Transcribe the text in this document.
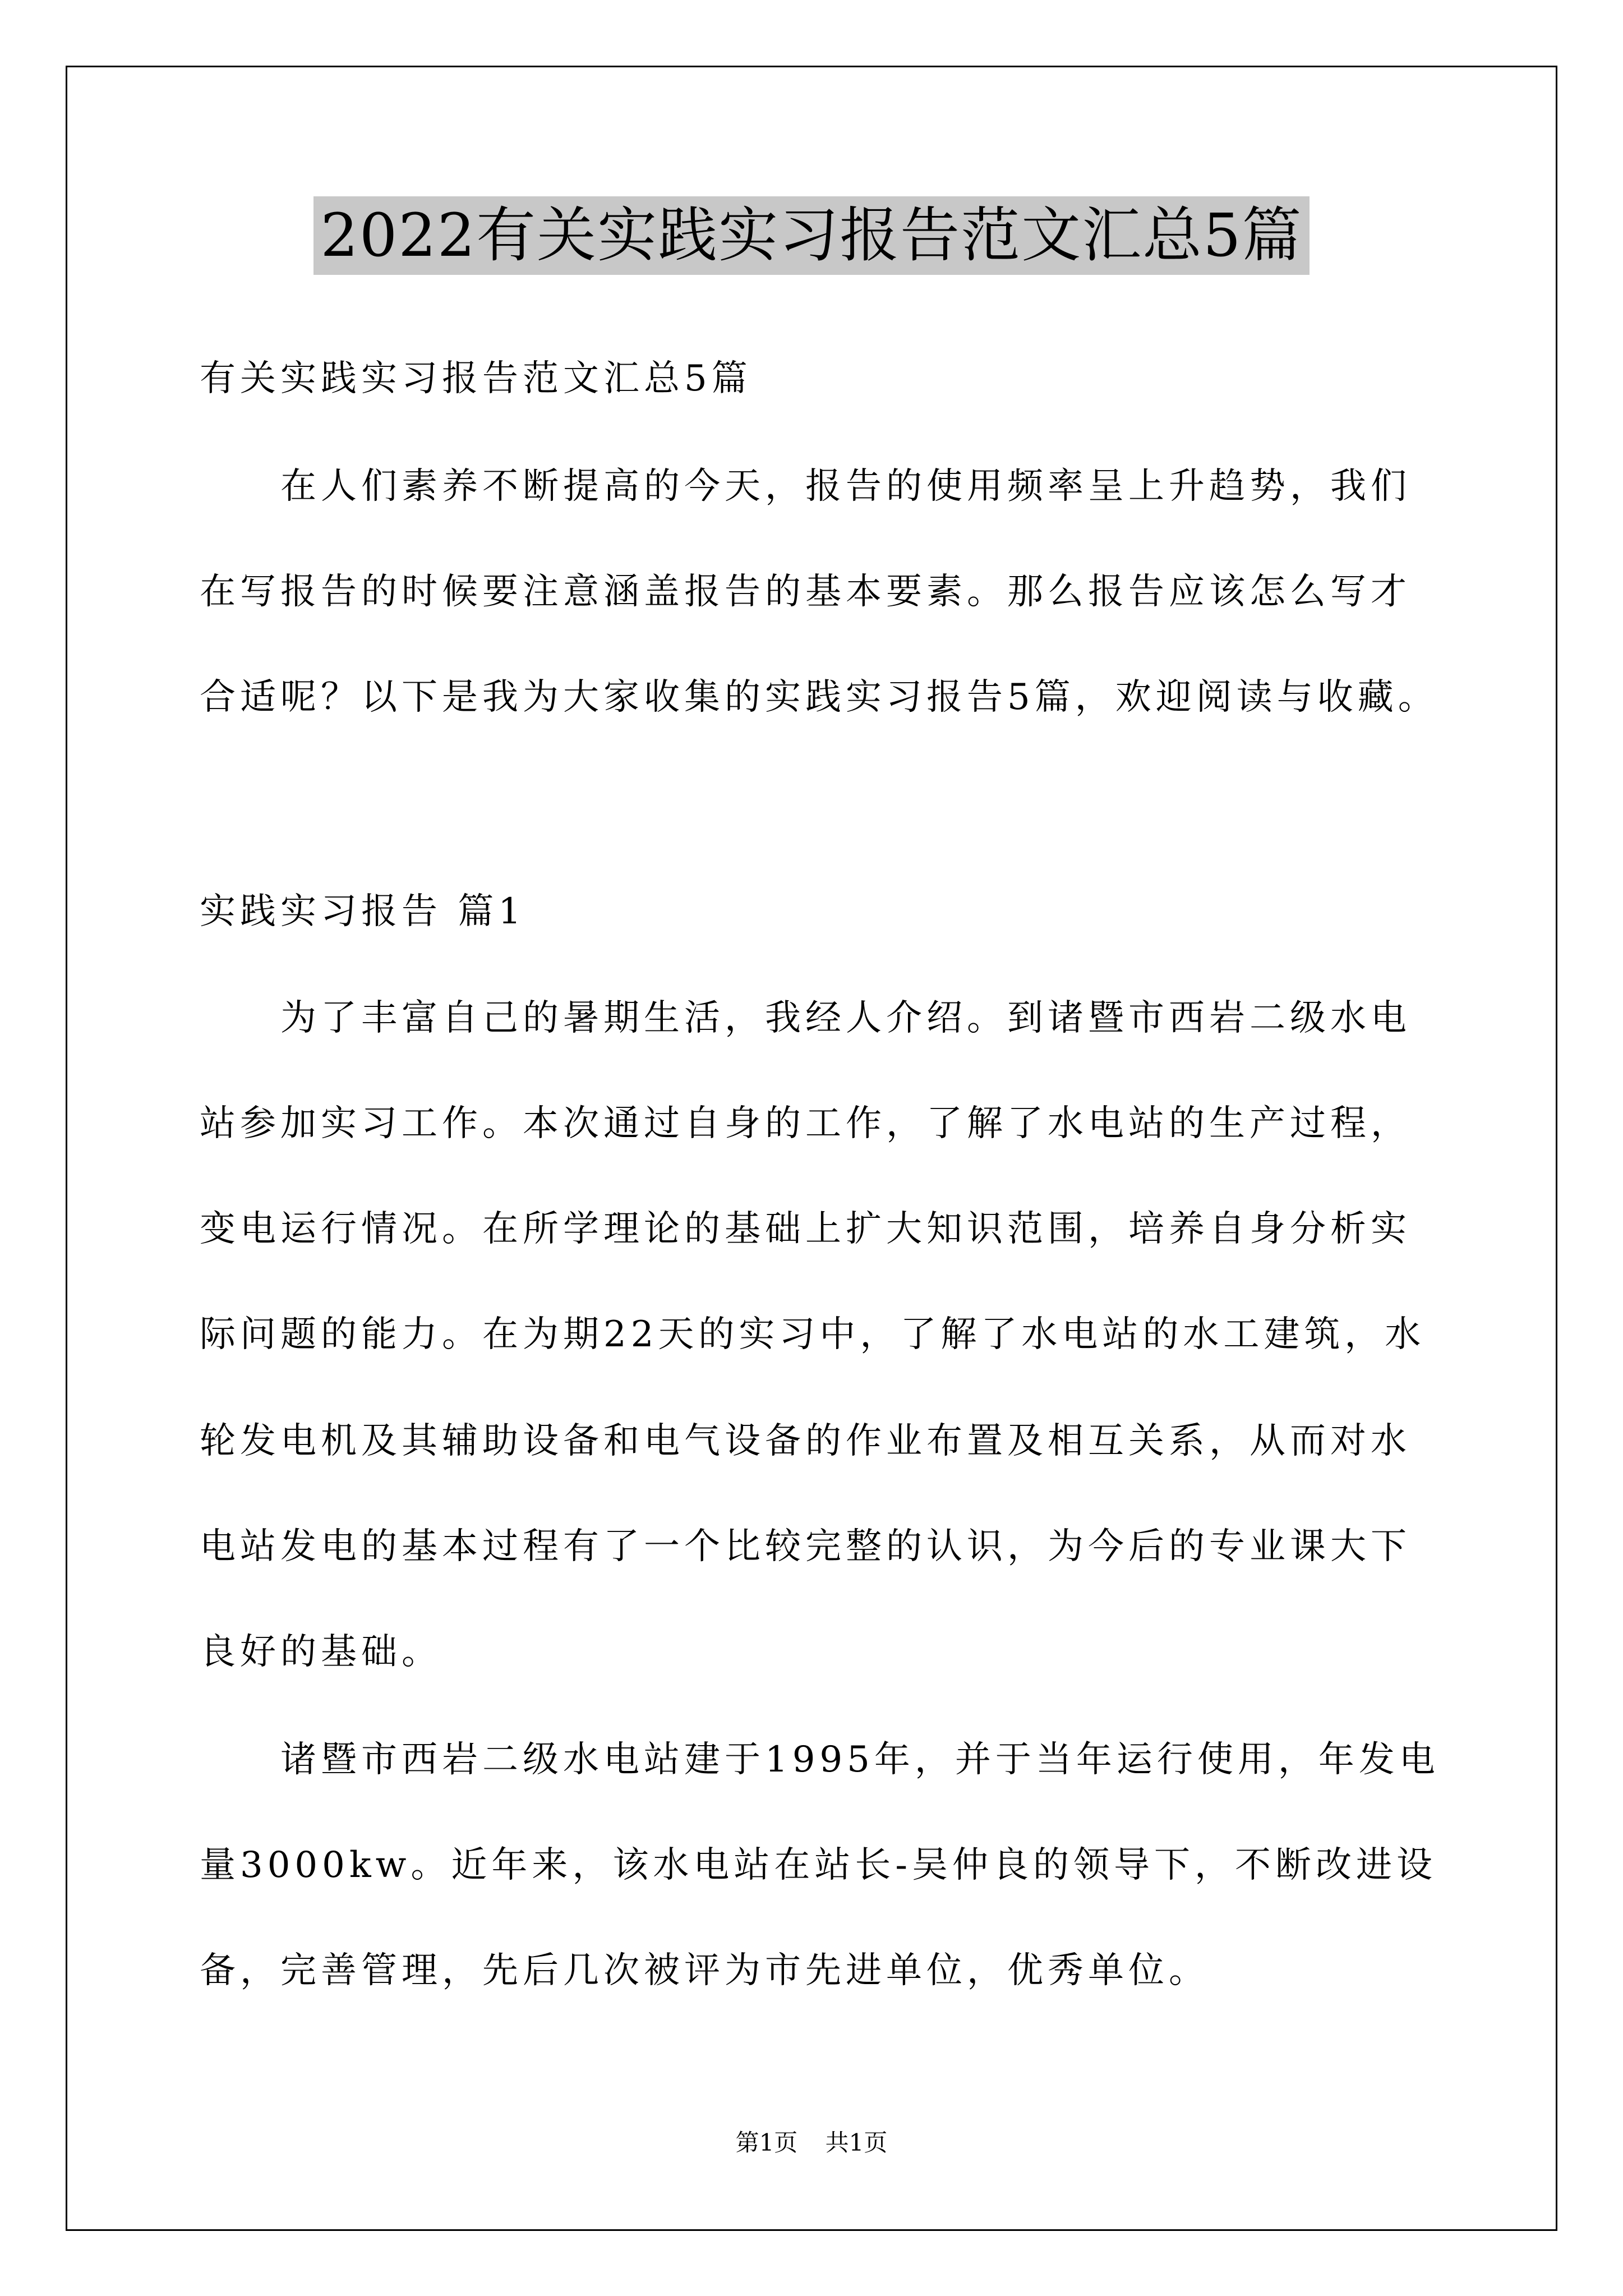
2022有关实践实习报告范文汇总5篇
有关实践实习报告范文汇总5篇
在人们素养不断提高的今天，报告的使用频率呈上升趋势，我们
在写报告的时候要注意涵盖报告的基本要素。那么报告应该怎么写才
合适呢？以下是我为大家收集的实践实习报告5篇，欢迎阅读与收藏。
实践实习报告 篇1
为了丰富自己的暑期生活，我经人介绍。到诸暨市西岩二级水电
站参加实习工作。本次通过自身的工作，了解了水电站的生产过程，
变电运行情况。在所学理论的基础上扩大知识范围，培养自身分析实
际问题的能力。在为期22天的实习中，了解了水电站的水工建筑，水
轮发电机及其辅助设备和电气设备的作业布置及相互关系，从而对水
电站发电的基本过程有了一个比较完整的认识，为今后的专业课大下
良好的基础。
诸暨市西岩二级水电站建于1995年，并于当年运行使用，年发电
量3000kw。近年来，该水电站在站长-吴仲良的领导下，不断改进设
备，完善管理，先后几次被评为市先进单位，优秀单位。
第1页 共1页
